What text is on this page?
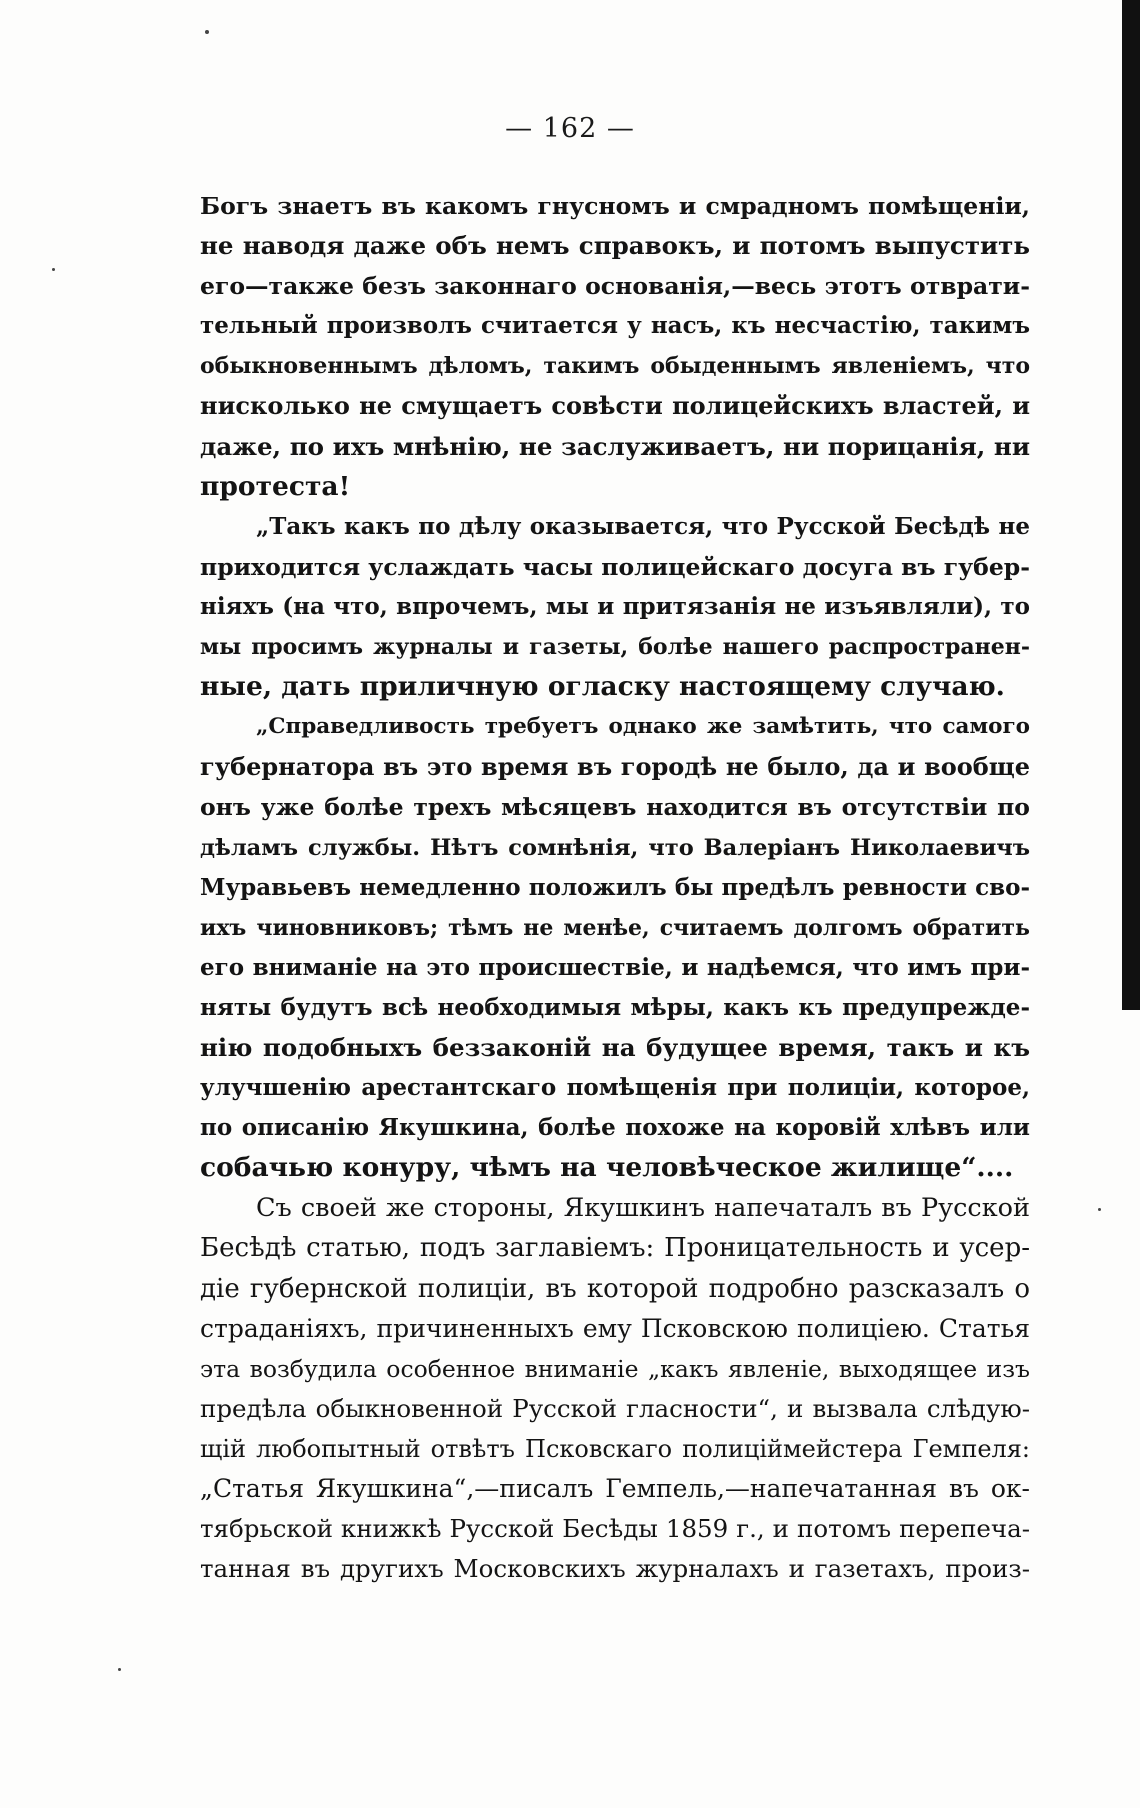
— 162 —
Богъ знаетъ въ какомъ гнусномъ и смрадномъ помѣщеніи,
не наводя даже объ немъ справокъ, и потомъ выпустить
его—также безъ законнаго основанія,—весь этотъ отврати-
тельный произволъ считается у насъ, къ несчастію, такимъ
обыкновеннымъ дѣломъ, такимъ обыденнымъ явленіемъ, что
нисколько не смущаетъ совѣсти полицейскихъ властей, и
даже, по ихъ мнѣнію, не заслуживаетъ, ни порицанія, ни
протеста!
„Такъ какъ по дѣлу оказывается, что Русской Бесѣдѣ не
приходится услаждать часы полицейскаго досуга въ губер-
ніяхъ (на что, впрочемъ, мы и притязанія не изъявляли), то
мы просимъ журналы и газеты, болѣе нашего распространен-
ные, дать приличную огласку настоящему случаю.
„Справедливость требуетъ однако же замѣтить, что самого
губернатора въ это время въ городѣ не было, да и вообще
онъ уже болѣе трехъ мѣсяцевъ находится въ отсутствіи по
дѣламъ службы. Нѣтъ сомнѣнія, что Валеріанъ Николаевичъ
Муравьевъ немедленно положилъ бы предѣлъ ревности сво-
ихъ чиновниковъ; тѣмъ не менѣе, считаемъ долгомъ обратить
его вниманіе на это происшествіе, и надѣемся, что имъ при-
няты будутъ всѣ необходимыя мѣры, какъ къ предупрежде-
нію подобныхъ беззаконій на будущее время, такъ и къ
улучшенію арестантскаго помѣщенія при полиціи, которое,
по описанію Якушкина, болѣе похоже на коровій хлѣвъ или
собачью конуру, чѣмъ на человѣческое жилище“....
Съ своей же стороны, Якушкинъ напечаталъ въ Русской
Бесѣдѣ статью, подъ заглавіемъ: Проницательность и усер-
діе губернской полиціи, въ которой подробно разсказалъ о
страданіяхъ, причиненныхъ ему Псковскою полиціею. Статья
эта возбудила особенное вниманіе „какъ явленіе, выходящее изъ
предѣла обыкновенной Русской гласности“, и вызвала слѣдую-
щій любопытный отвѣтъ Псковскаго полиціймейстера Гемпеля:
„Статья Якушкина“,—писалъ Гемпель,—напечатанная въ ок-
тябрьской книжкѣ Русской Бесѣды 1859 г., и потомъ перепеча-
танная въ другихъ Московскихъ журналахъ и газетахъ, произ-
